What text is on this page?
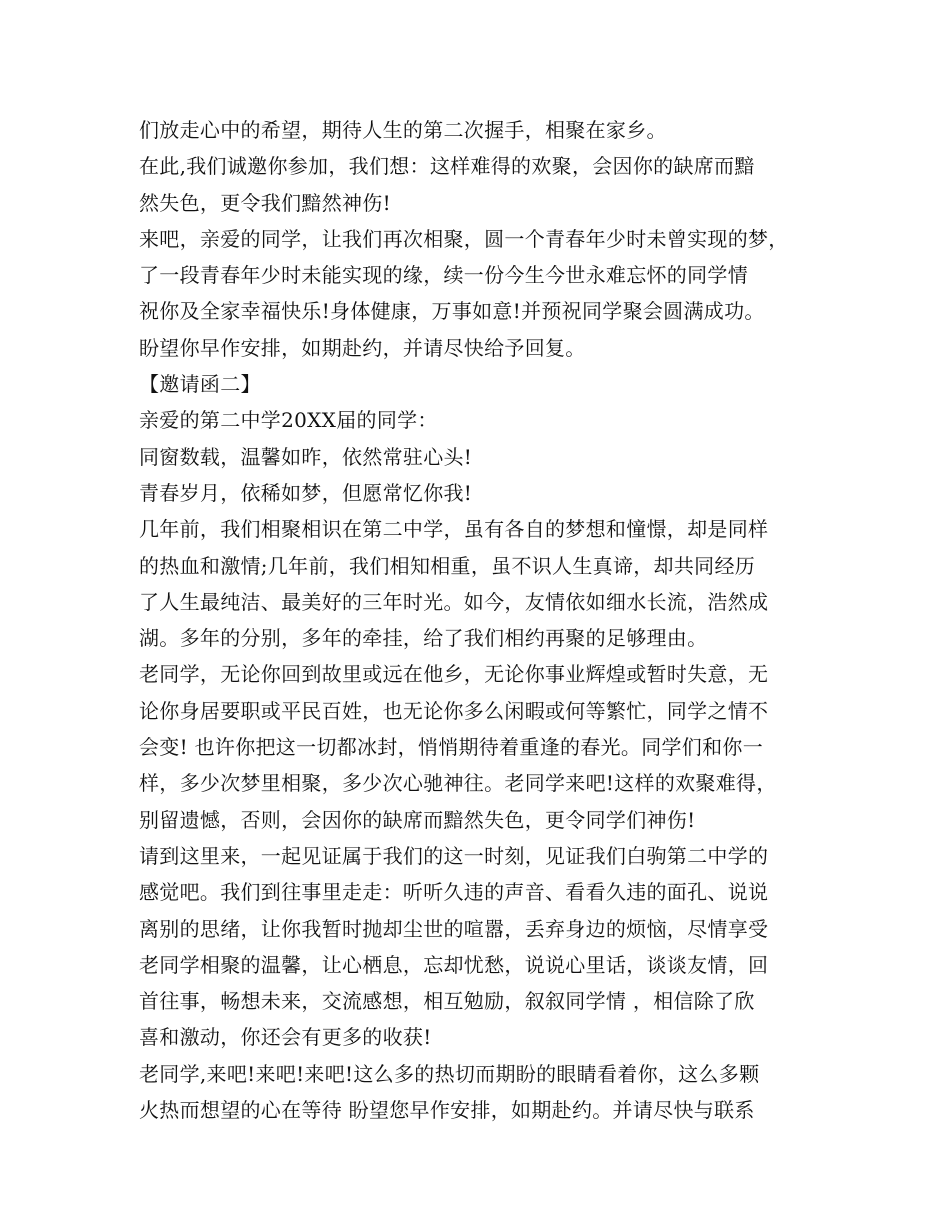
们放走心中的希望，期待人生的第二次握手，相聚在家乡。
在此,我们诚邀你参加，我们想：这样难得的欢聚，会因你的缺席而黯
然失色，更令我们黯然神伤!
来吧，亲爱的同学，让我们再次相聚，圆一个青春年少时未曾实现的梦，
了一段青春年少时未能实现的缘，续一份今生今世永难忘怀的同学情
祝你及全家幸福快乐!身体健康，万事如意!并预祝同学聚会圆满成功。
盼望你早作安排，如期赴约，并请尽快给予回复。
【邀请函二】
亲爱的第二中学20XX届的同学：
同窗数载，温馨如昨，依然常驻心头!
青春岁月，依稀如梦，但愿常忆你我!
几年前，我们相聚相识在第二中学，虽有各自的梦想和憧憬，却是同样
的热血和激情;几年前，我们相知相重，虽不识人生真谛，却共同经历
了人生最纯洁、最美好的三年时光。如今，友情依如细水长流，浩然成
湖。多年的分别，多年的牵挂，给了我们相约再聚的足够理由。
老同学，无论你回到故里或远在他乡，无论你事业辉煌或暂时失意，无
论你身居要职或平民百姓，也无论你多么闲暇或何等繁忙，同学之情不
会变! 也许你把这一切都冰封，悄悄期待着重逢的春光。同学们和你一
样，多少次梦里相聚，多少次心驰神往。老同学来吧!这样的欢聚难得，
别留遗憾，否则，会因你的缺席而黯然失色，更令同学们神伤!
请到这里来，一起见证属于我们的这一时刻，见证我们白驹第二中学的
感觉吧。我们到往事里走走：听听久违的声音、看看久违的面孔、说说
离别的思绪，让你我暂时抛却尘世的喧嚣，丢弃身边的烦恼，尽情享受
老同学相聚的温馨，让心栖息，忘却忧愁，说说心里话，谈谈友情，回
首往事，畅想未来，交流感想，相互勉励，叙叙同学情 ，相信除了欣
喜和激动，你还会有更多的收获!
老同学,来吧!来吧!来吧!这么多的热切而期盼的眼睛看着你，这么多颗
火热而想望的心在等待 盼望您早作安排，如期赴约。并请尽快与联系
